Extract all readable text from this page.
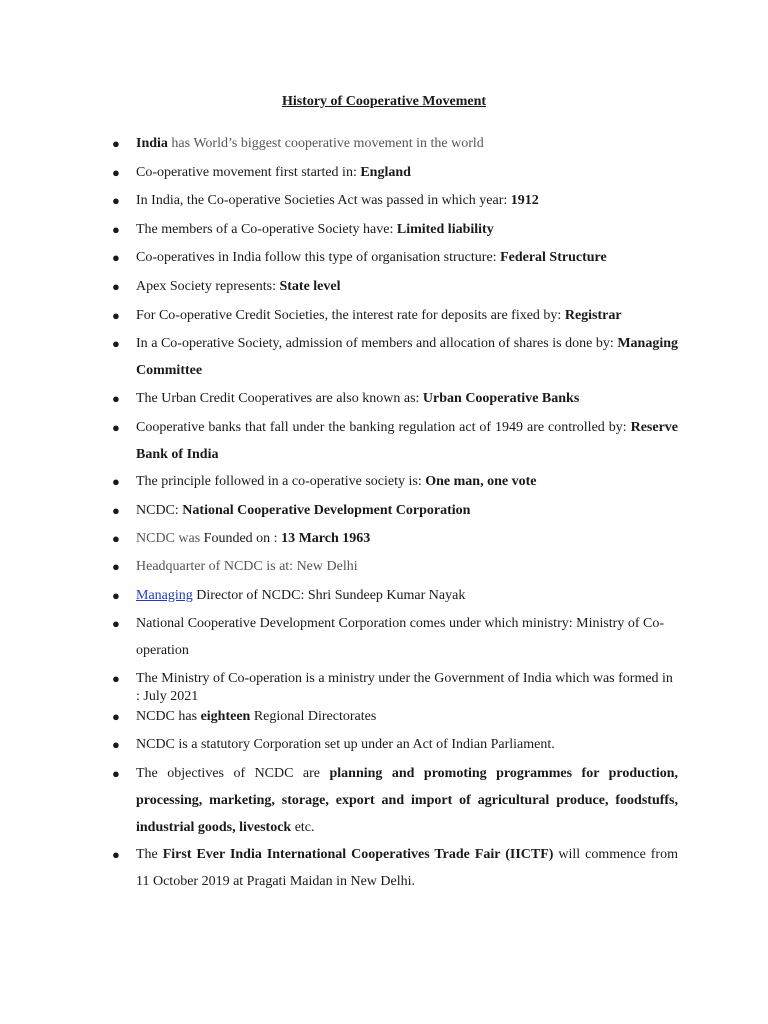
History of Cooperative Movement
● India has World’s biggest cooperative movement in the world
● Co-operative movement first started in: England
● In India, the Co-operative Societies Act was passed in which year: 1912
● The members of a Co-operative Society have: Limited liability
● Co-operatives in India follow this type of organisation structure: Federal Structure
● Apex Society represents: State level
● For Co-operative Credit Societies, the interest rate for deposits are fixed by: Registrar
● In a Co-operative Society, admission of members and allocation of shares is done by: Managing Committee
● The Urban Credit Cooperatives are also known as: Urban Cooperative Banks
● Cooperative banks that fall under the banking regulation act of 1949 are controlled by: Reserve Bank of India
● The principle followed in a co-operative society is: One man, one vote
● NCDC: National Cooperative Development Corporation
● NCDC was Founded on : 13 March 1963
● Headquarter of NCDC is at: New Delhi
● Managing Director of NCDC: Shri Sundeep Kumar Nayak
● National Cooperative Development Corporation comes under which ministry: Ministry of Co-operation
● The Ministry of Co-operation is a ministry under the Government of India which was formed in : July 2021
● NCDC has eighteen Regional Directorates
● NCDC is a statutory Corporation set up under an Act of Indian Parliament.
● The objectives of NCDC are planning and promoting programmes for production, processing, marketing, storage, export and import of agricultural produce, foodstuffs, industrial goods, livestock etc.
● The First Ever India International Cooperatives Trade Fair (IICTF) will commence from 11 October 2019 at Pragati Maidan in New Delhi.
